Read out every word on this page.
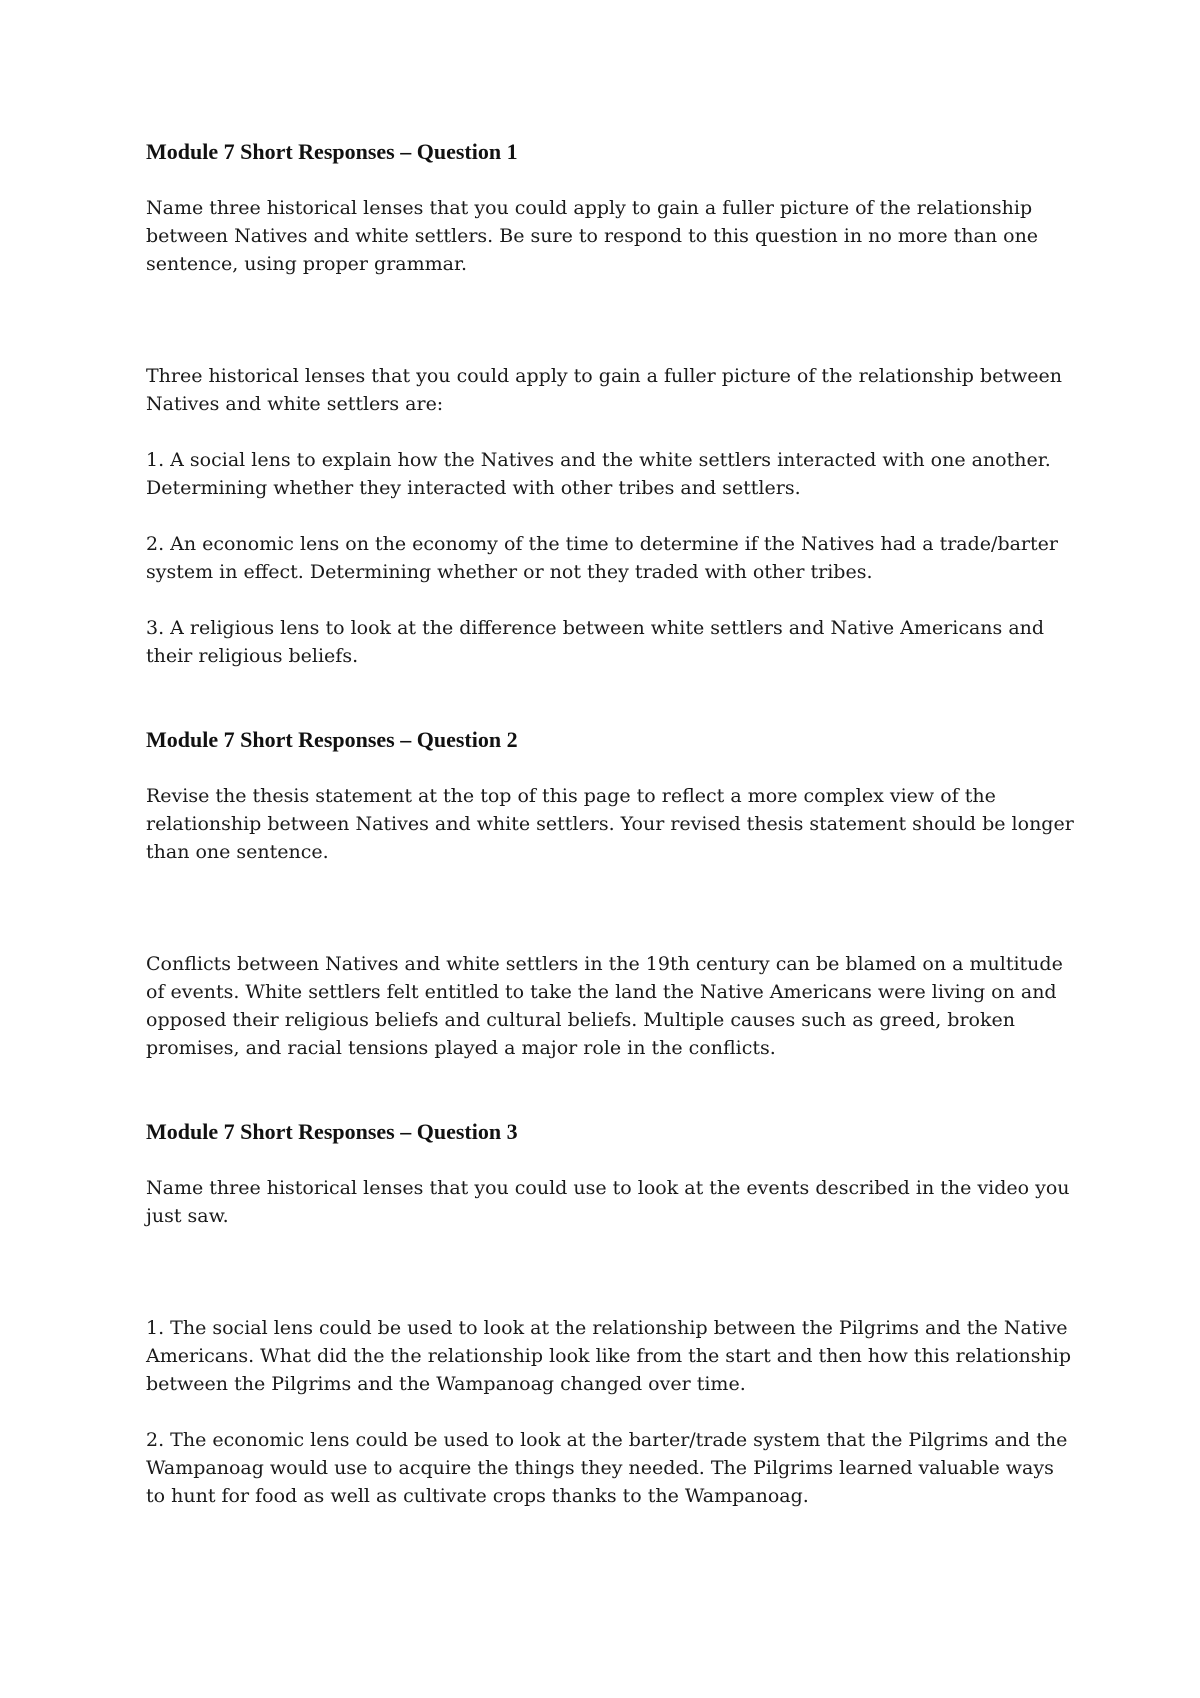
Module 7 Short Responses – Question 1
Name three historical lenses that you could apply to gain a fuller picture of the relationship between Natives and white settlers. Be sure to respond to this question in no more than one sentence, using proper grammar.
Three historical lenses that you could apply to gain a fuller picture of the relationship between Natives and white settlers are:
1. A social lens to explain how the Natives and the white settlers interacted with one another. Determining whether they interacted with other tribes and settlers.
2. An economic lens on the economy of the time to determine if the Natives had a trade/barter system in effect. Determining whether or not they traded with other tribes.
3. A religious lens to look at the difference between white settlers and Native Americans and their religious beliefs.
Module 7 Short Responses – Question 2
Revise the thesis statement at the top of this page to reflect a more complex view of the relationship between Natives and white settlers. Your revised thesis statement should be longer than one sentence.
Conflicts between Natives and white settlers in the 19th century can be blamed on a multitude of events. White settlers felt entitled to take the land the Native Americans were living on and opposed their religious beliefs and cultural beliefs. Multiple causes such as greed, broken promises, and racial tensions played a major role in the conflicts.
Module 7 Short Responses – Question 3
Name three historical lenses that you could use to look at the events described in the video you just saw.
1. The social lens could be used to look at the relationship between the Pilgrims and the Native Americans. What did the the relationship look like from the start and then how this relationship between the Pilgrims and the Wampanoag changed over time.
2. The economic lens could be used to look at the barter/trade system that the Pilgrims and the Wampanoag would use to acquire the things they needed. The Pilgrims learned valuable ways to hunt for food as well as cultivate crops thanks to the Wampanoag.
